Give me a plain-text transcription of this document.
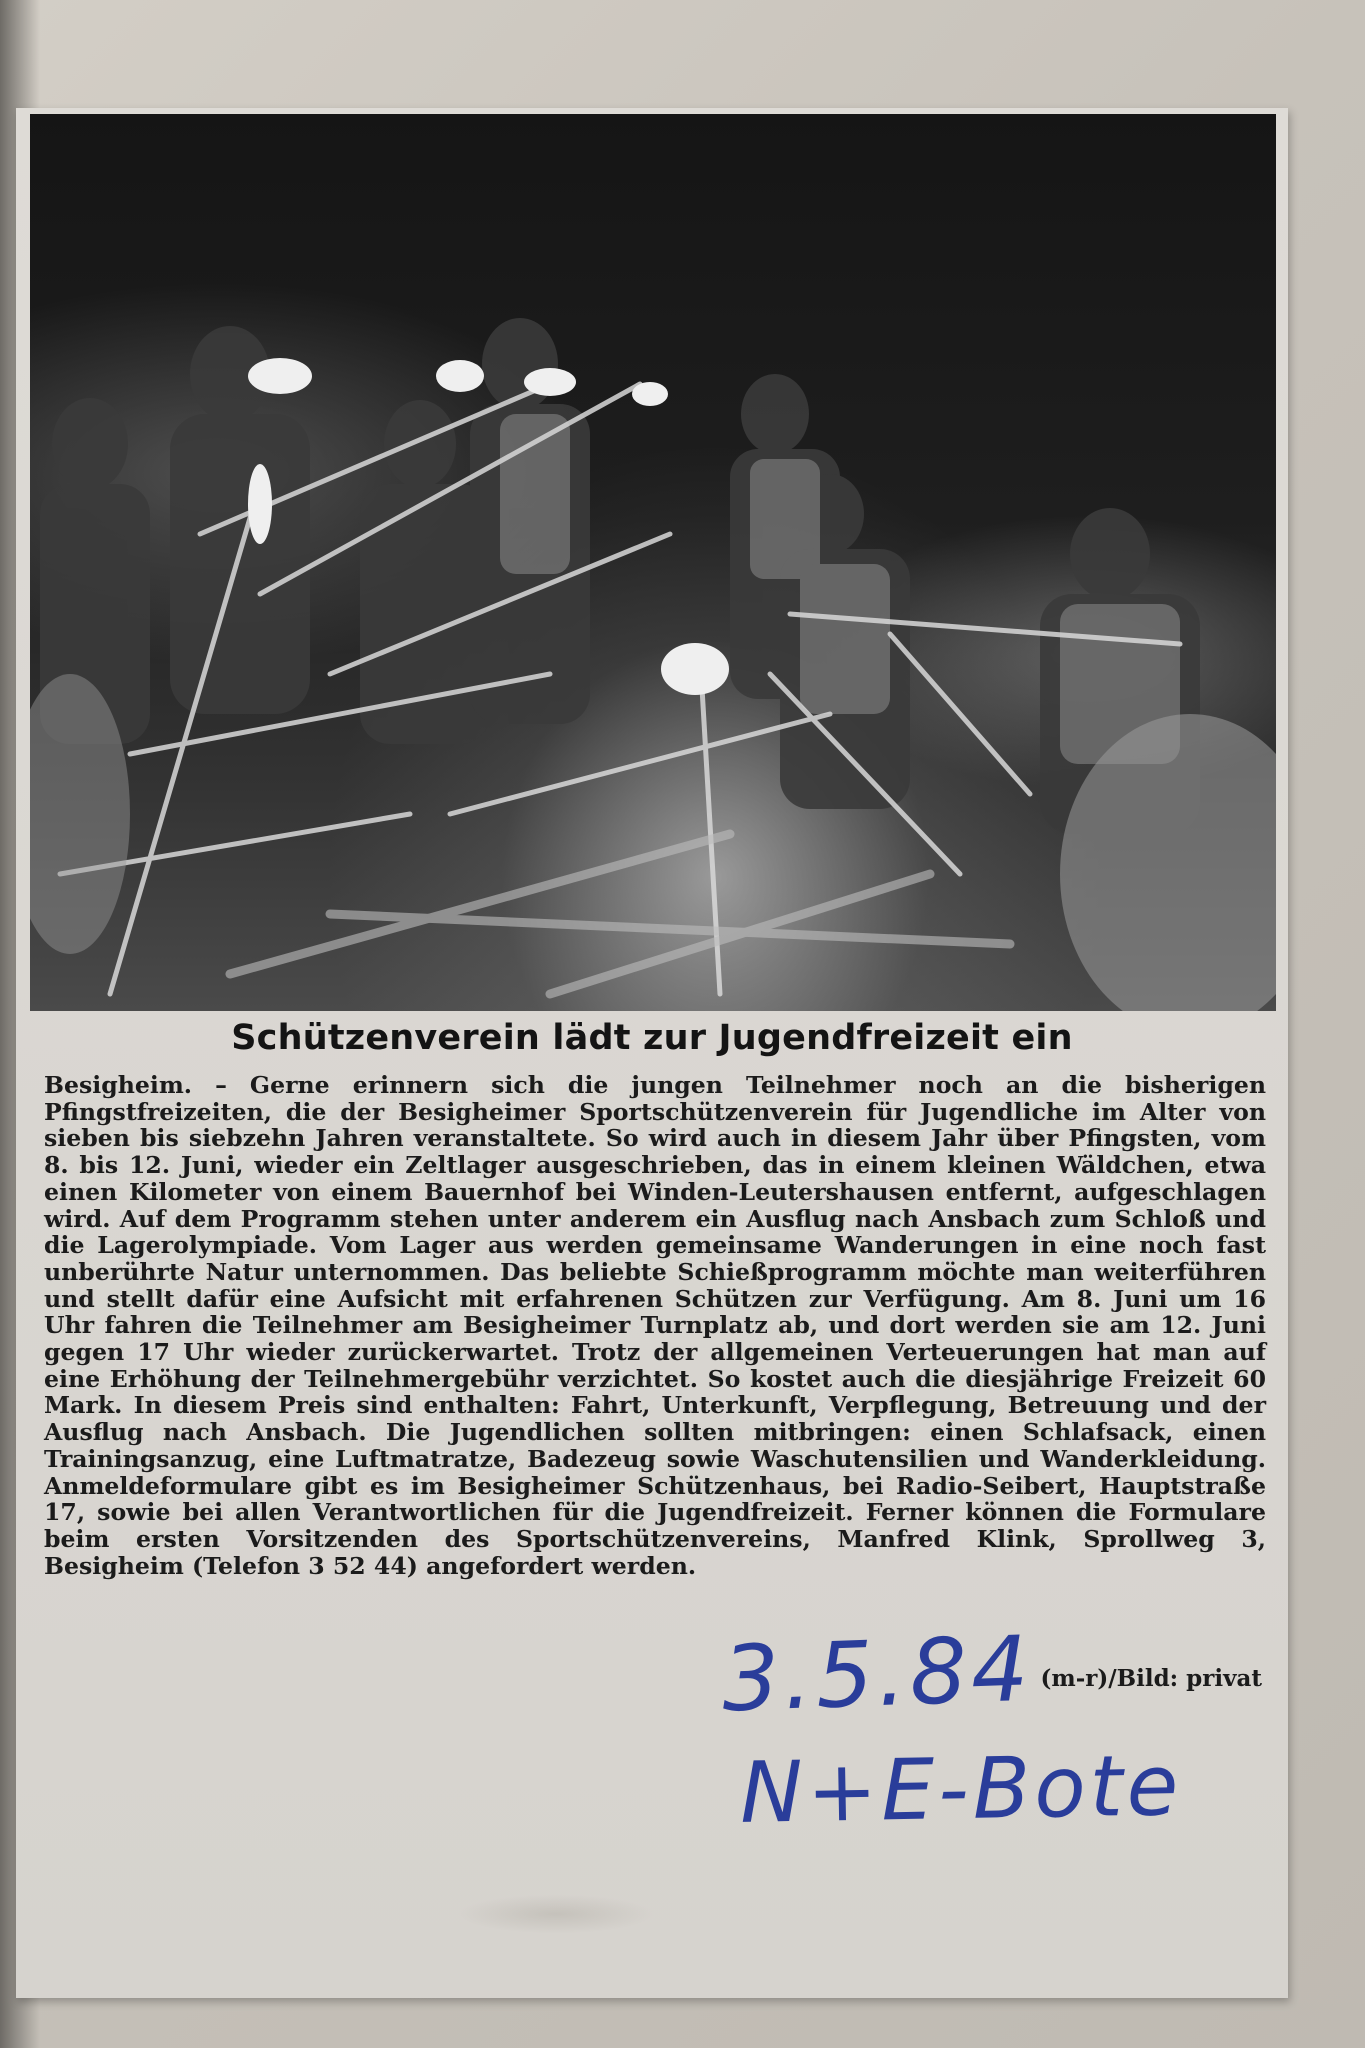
Schützenverein lädt zur Jugendfreizeit ein

Besigheim. – Gerne erinnern sich die jungen Teilnehmer noch an die bisherigen Pfingstfreizeiten, die der Besigheimer Sportschützenverein für Jugendliche im Alter von sieben bis siebzehn Jahren veranstaltete. So wird auch in diesem Jahr über Pfingsten, vom 8. bis 12. Juni, wieder ein Zeltlager ausgeschrieben, das in einem kleinen Wäldchen, etwa einen Kilometer von einem Bauernhof bei Winden-Leutershausen entfernt, aufgeschlagen wird. Auf dem Programm stehen unter anderem ein Ausflug nach Ansbach zum Schloß und die Lagerolympiade. Vom Lager aus werden gemeinsame Wanderungen in eine noch fast unberührte Natur unternommen. Das beliebte Schießprogramm möchte man weiterführen und stellt dafür eine Aufsicht mit erfahrenen Schützen zur Verfügung. Am 8. Juni um 16 Uhr fahren die Teilnehmer am Besigheimer Turnplatz ab, und dort werden sie am 12. Juni gegen 17 Uhr wieder zurückerwartet. Trotz der allgemeinen Verteuerungen hat man auf eine Erhöhung der Teilnehmergebühr verzichtet. So kostet auch die diesjährige Freizeit 60 Mark. In diesem Preis sind enthalten: Fahrt, Unterkunft, Verpflegung, Betreuung und der Ausflug nach Ansbach. Die Jugendlichen sollten mitbringen: einen Schlafsack, einen Trainingsanzug, eine Luftmatratze, Badezeug sowie Waschutensilien und Wanderkleidung. Anmeldeformulare gibt es im Besigheimer Schützenhaus, bei Radio-Seibert, Hauptstraße 17, sowie bei allen Verantwortlichen für die Jugendfreizeit. Ferner können die Formulare beim ersten Vorsitzenden des Sportschützenvereins, Manfred Klink, Sprollweg 3, Besigheim (Telefon 3 52 44) angefordert werden.

(m-r)/Bild: privat
3.5.84
N+E-Bote
